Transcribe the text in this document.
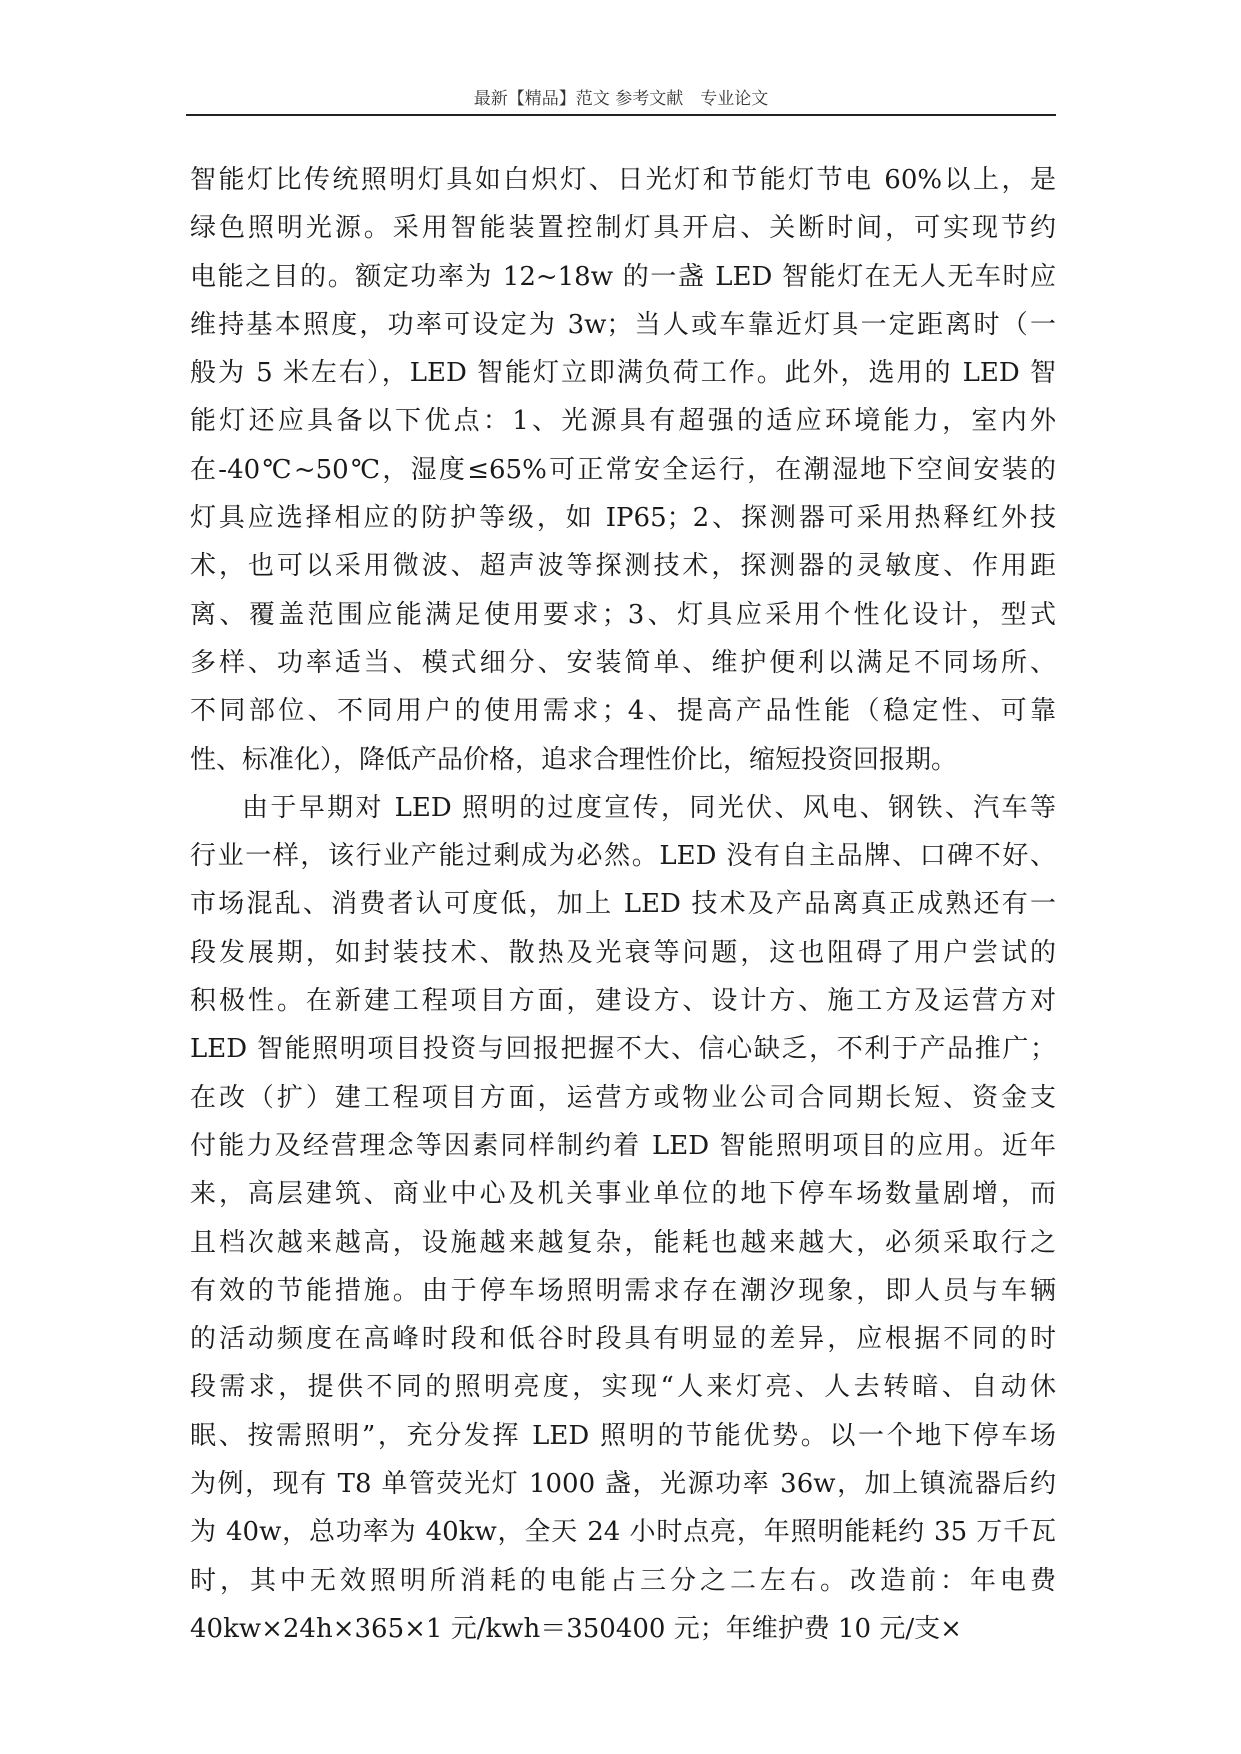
最新【精品】范文 参考文献　专业论文
智能灯比传统照明灯具如白炽灯、日光灯和节能灯节电 60%以上，是
绿色照明光源。采用智能装置控制灯具开启、关断时间，可实现节约
电能之目的。额定功率为 12~18w 的一盏 LED 智能灯在无人无车时应
维持基本照度，功率可设定为 3w；当人或车靠近灯具一定距离时（一
般为 5 米左右），LED 智能灯立即满负荷工作。此外，选用的 LED 智
能灯还应具备以下优点：1、光源具有超强的适应环境能力，室内外
在-40℃~50℃，湿度≤65%可正常安全运行，在潮湿地下空间安装的
灯具应选择相应的防护等级，如 IP65；2、探测器可采用热释红外技
术，也可以采用微波、超声波等探测技术，探测器的灵敏度、作用距
离、覆盖范围应能满足使用要求；3、灯具应采用个性化设计，型式
多样、功率适当、模式细分、安装简单、维护便利以满足不同场所、
不同部位、不同用户的使用需求；4、提高产品性能（稳定性、可靠
性、标准化），降低产品价格，追求合理性价比，缩短投资回报期。
由于早期对 LED 照明的过度宣传，同光伏、风电、钢铁、汽车等
行业一样，该行业产能过剩成为必然。LED 没有自主品牌、口碑不好、
市场混乱、消费者认可度低，加上 LED 技术及产品离真正成熟还有一
段发展期，如封装技术、散热及光衰等问题，这也阻碍了用户尝试的
积极性。在新建工程项目方面，建设方、设计方、施工方及运营方对
LED 智能照明项目投资与回报把握不大、信心缺乏，不利于产品推广；
在改（扩）建工程项目方面，运营方或物业公司合同期长短、资金支
付能力及经营理念等因素同样制约着 LED 智能照明项目的应用。近年
来，高层建筑、商业中心及机关事业单位的地下停车场数量剧增，而
且档次越来越高，设施越来越复杂，能耗也越来越大，必须采取行之
有效的节能措施。由于停车场照明需求存在潮汐现象，即人员与车辆
的活动频度在高峰时段和低谷时段具有明显的差异，应根据不同的时
段需求，提供不同的照明亮度，实现“人来灯亮、人去转暗、自动休
眠、按需照明”，充分发挥 LED 照明的节能优势。以一个地下停车场
为例，现有 T8 单管荧光灯 1000 盏，光源功率 36w，加上镇流器后约
为 40w，总功率为 40kw，全天 24 小时点亮，年照明能耗约 35 万千瓦
时，其中无效照明所消耗的电能占三分之二左右。改造前：年电费
40kw×24h×365×1 元/kwh＝350400 元；年维护费 10 元/支×
